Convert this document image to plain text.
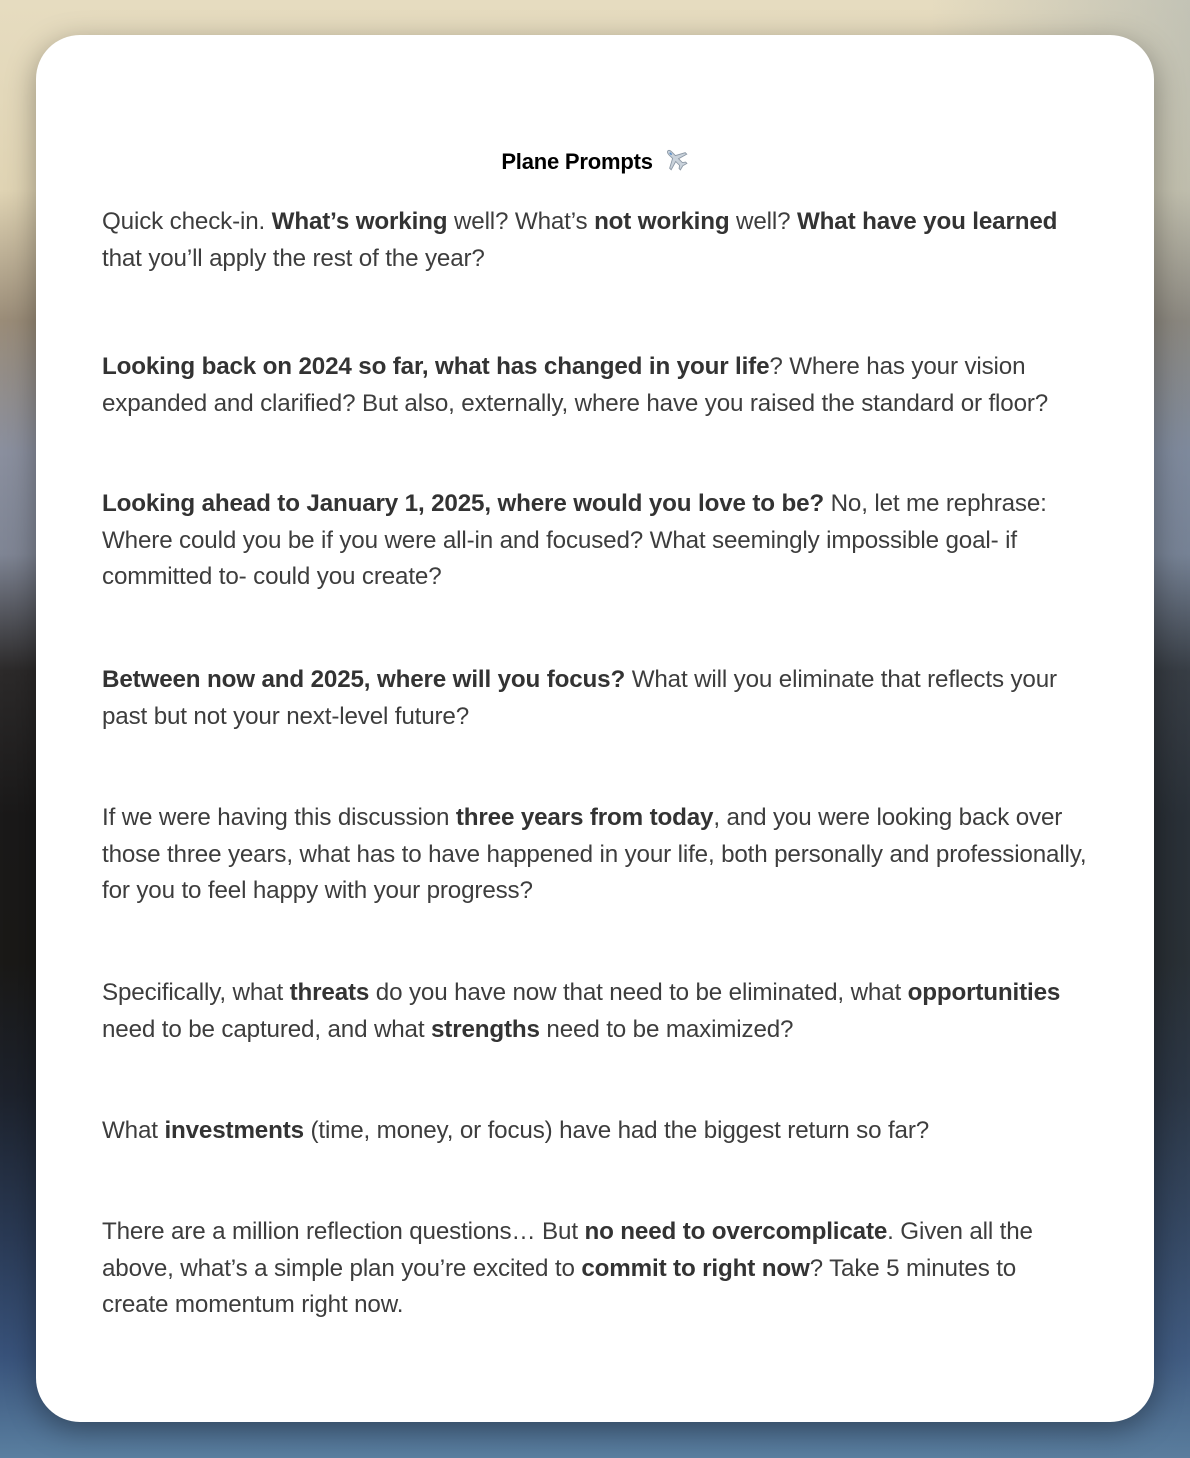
Plane Prompts

Quick check-in. What’s working well? What’s not working well? What have you learned that you’ll apply the rest of the year?

Looking back on 2024 so far, what has changed in your life? Where has your vision expanded and clarified? But also, externally, where have you raised the standard or floor?

Looking ahead to January 1, 2025, where would you love to be? No, let me rephrase: Where could you be if you were all-in and focused? What seemingly impossible goal- if committed to- could you create?

Between now and 2025, where will you focus? What will you eliminate that reflects your past but not your next-level future?

If we were having this discussion three years from today, and you were looking back over those three years, what has to have happened in your life, both personally and professionally, for you to feel happy with your progress?

Specifically, what threats do you have now that need to be eliminated, what opportunities need to be captured, and what strengths need to be maximized?

What investments (time, money, or focus) have had the biggest return so far?

There are a million reflection questions… But no need to overcomplicate. Given all the above, what’s a simple plan you’re excited to commit to right now? Take 5 minutes to create momentum right now.
